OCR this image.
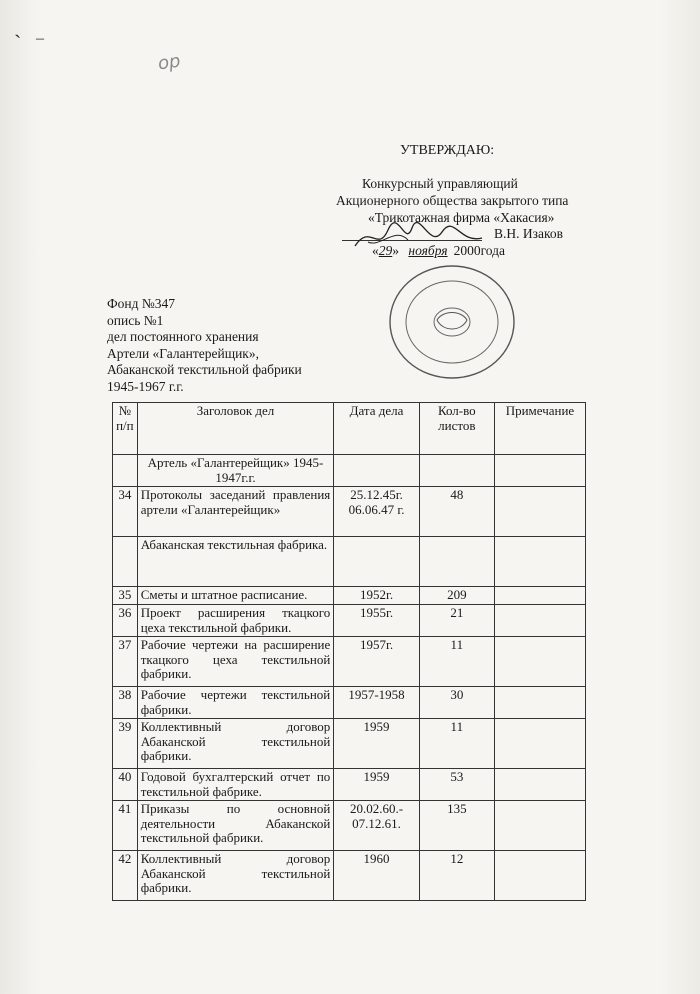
ˋ –
ор
УТВЕРЖДАЮ:
Конкурсный управляющий
Акционерного общества закрытого типа
«Трикотажная фирма «Хакасия»
В.Н. Изаков
«29» ноября 2000года
Фонд №347
опись №1
дел постоянного хранения
Артели «Галантерейщик»,
Абаканской текстильной фабрики
1945-1967 г.г.
№ п/п	Заголовок дел	Дата дела	Кол-во листов	Примечание
	Артель «Галантерейщик» 1945-1947г.г.			
34	Протоколы заседаний правления артели «Галантерейщик»	25.12.45г. 06.06.47 г.	48	
	Абаканская текстильная фабрика.			
35	Сметы и штатное расписание.	1952г.	209	
36	Проект расширения ткацкого цеха текстильной фабрики.	1955г.	21	
37	Рабочие чертежи на расширение ткацкого цеха текстильной фабрики.	1957г.	11	
38	Рабочие чертежи текстильной фабрики.	1957-1958	30	
39	Коллективный договор Абаканской текстильной фабрики.	1959	11	
40	Годовой бухгалтерский отчет по текстильной фабрике.	1959	53	
41	Приказы по основной деятельности Абаканской текстильной фабрики.	20.02.60.- 07.12.61.	135	
42	Коллективный договор Абаканской текстильной фабрики.	1960	12	
